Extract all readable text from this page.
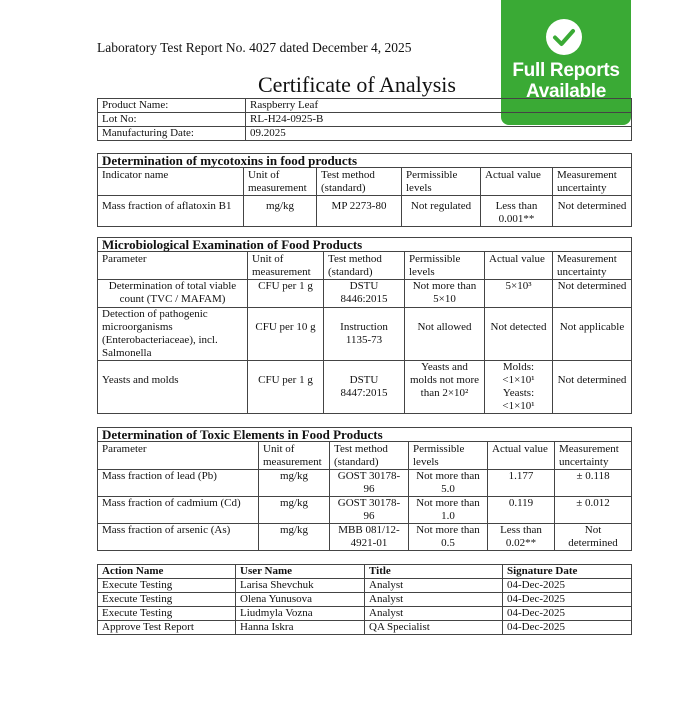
Laboratory Test Report No. 4027 dated December 4, 2025
Certificate of Analysis
Full Reports
Available
Product Name:	Raspberry Leaf
Lot No:	RL-H24-0925-B
Manufacturing Date:	09.2025
Determination of mycotoxins in food products					
Indicator name	Unit of measurement	Test method (standard)	Permissible levels	Actual value	Measurement uncertainty
Mass fraction of aflatoxin B1	mg/kg	MP 2273-80	Not regulated	Less than 0.001**	Not determined
Microbiological Examination of Food Products					
Parameter	Unit of measurement	Test method (standard)	Permissible levels	Actual value	Measurement uncertainty
Determination of total viable count (TVC / MAFAM)	CFU per 1 g	DSTU 8446:2015	Not more than 5×10	5×10³	Not determined
Detection of pathogenic microorganisms (Enterobacteriaceae), incl. Salmonella	CFU per 10 g	Instruction 1135-73	Not allowed	Not detected	Not applicable
Yeasts and molds	CFU per 1 g	DSTU 8447:2015	Yeasts and molds not more than 2×10²	Molds: <1×10¹ Yeasts: <1×10¹	Not determined
Determination of Toxic Elements in Food Products					
Parameter	Unit of measurement	Test method (standard)	Permissible levels	Actual value	Measurement uncertainty
Mass fraction of lead (Pb)	mg/kg	GOST 30178-96	Not more than 5.0	1.177	± 0.118
Mass fraction of cadmium (Cd)	mg/kg	GOST 30178-96	Not more than 1.0	0.119	± 0.012
Mass fraction of arsenic (As)	mg/kg	MBB 081/12-4921-01	Not more than 0.5	Less than 0.02**	Not determined
Action Name	User Name	Title	Signature Date
Execute Testing	Larisa Shevchuk	Analyst	04-Dec-2025
Execute Testing	Olena Yunusova	Analyst	04-Dec-2025
Execute Testing	Liudmyla Vozna	Analyst	04-Dec-2025
Approve Test Report	Hanna Iskra	QA Specialist	04-Dec-2025
